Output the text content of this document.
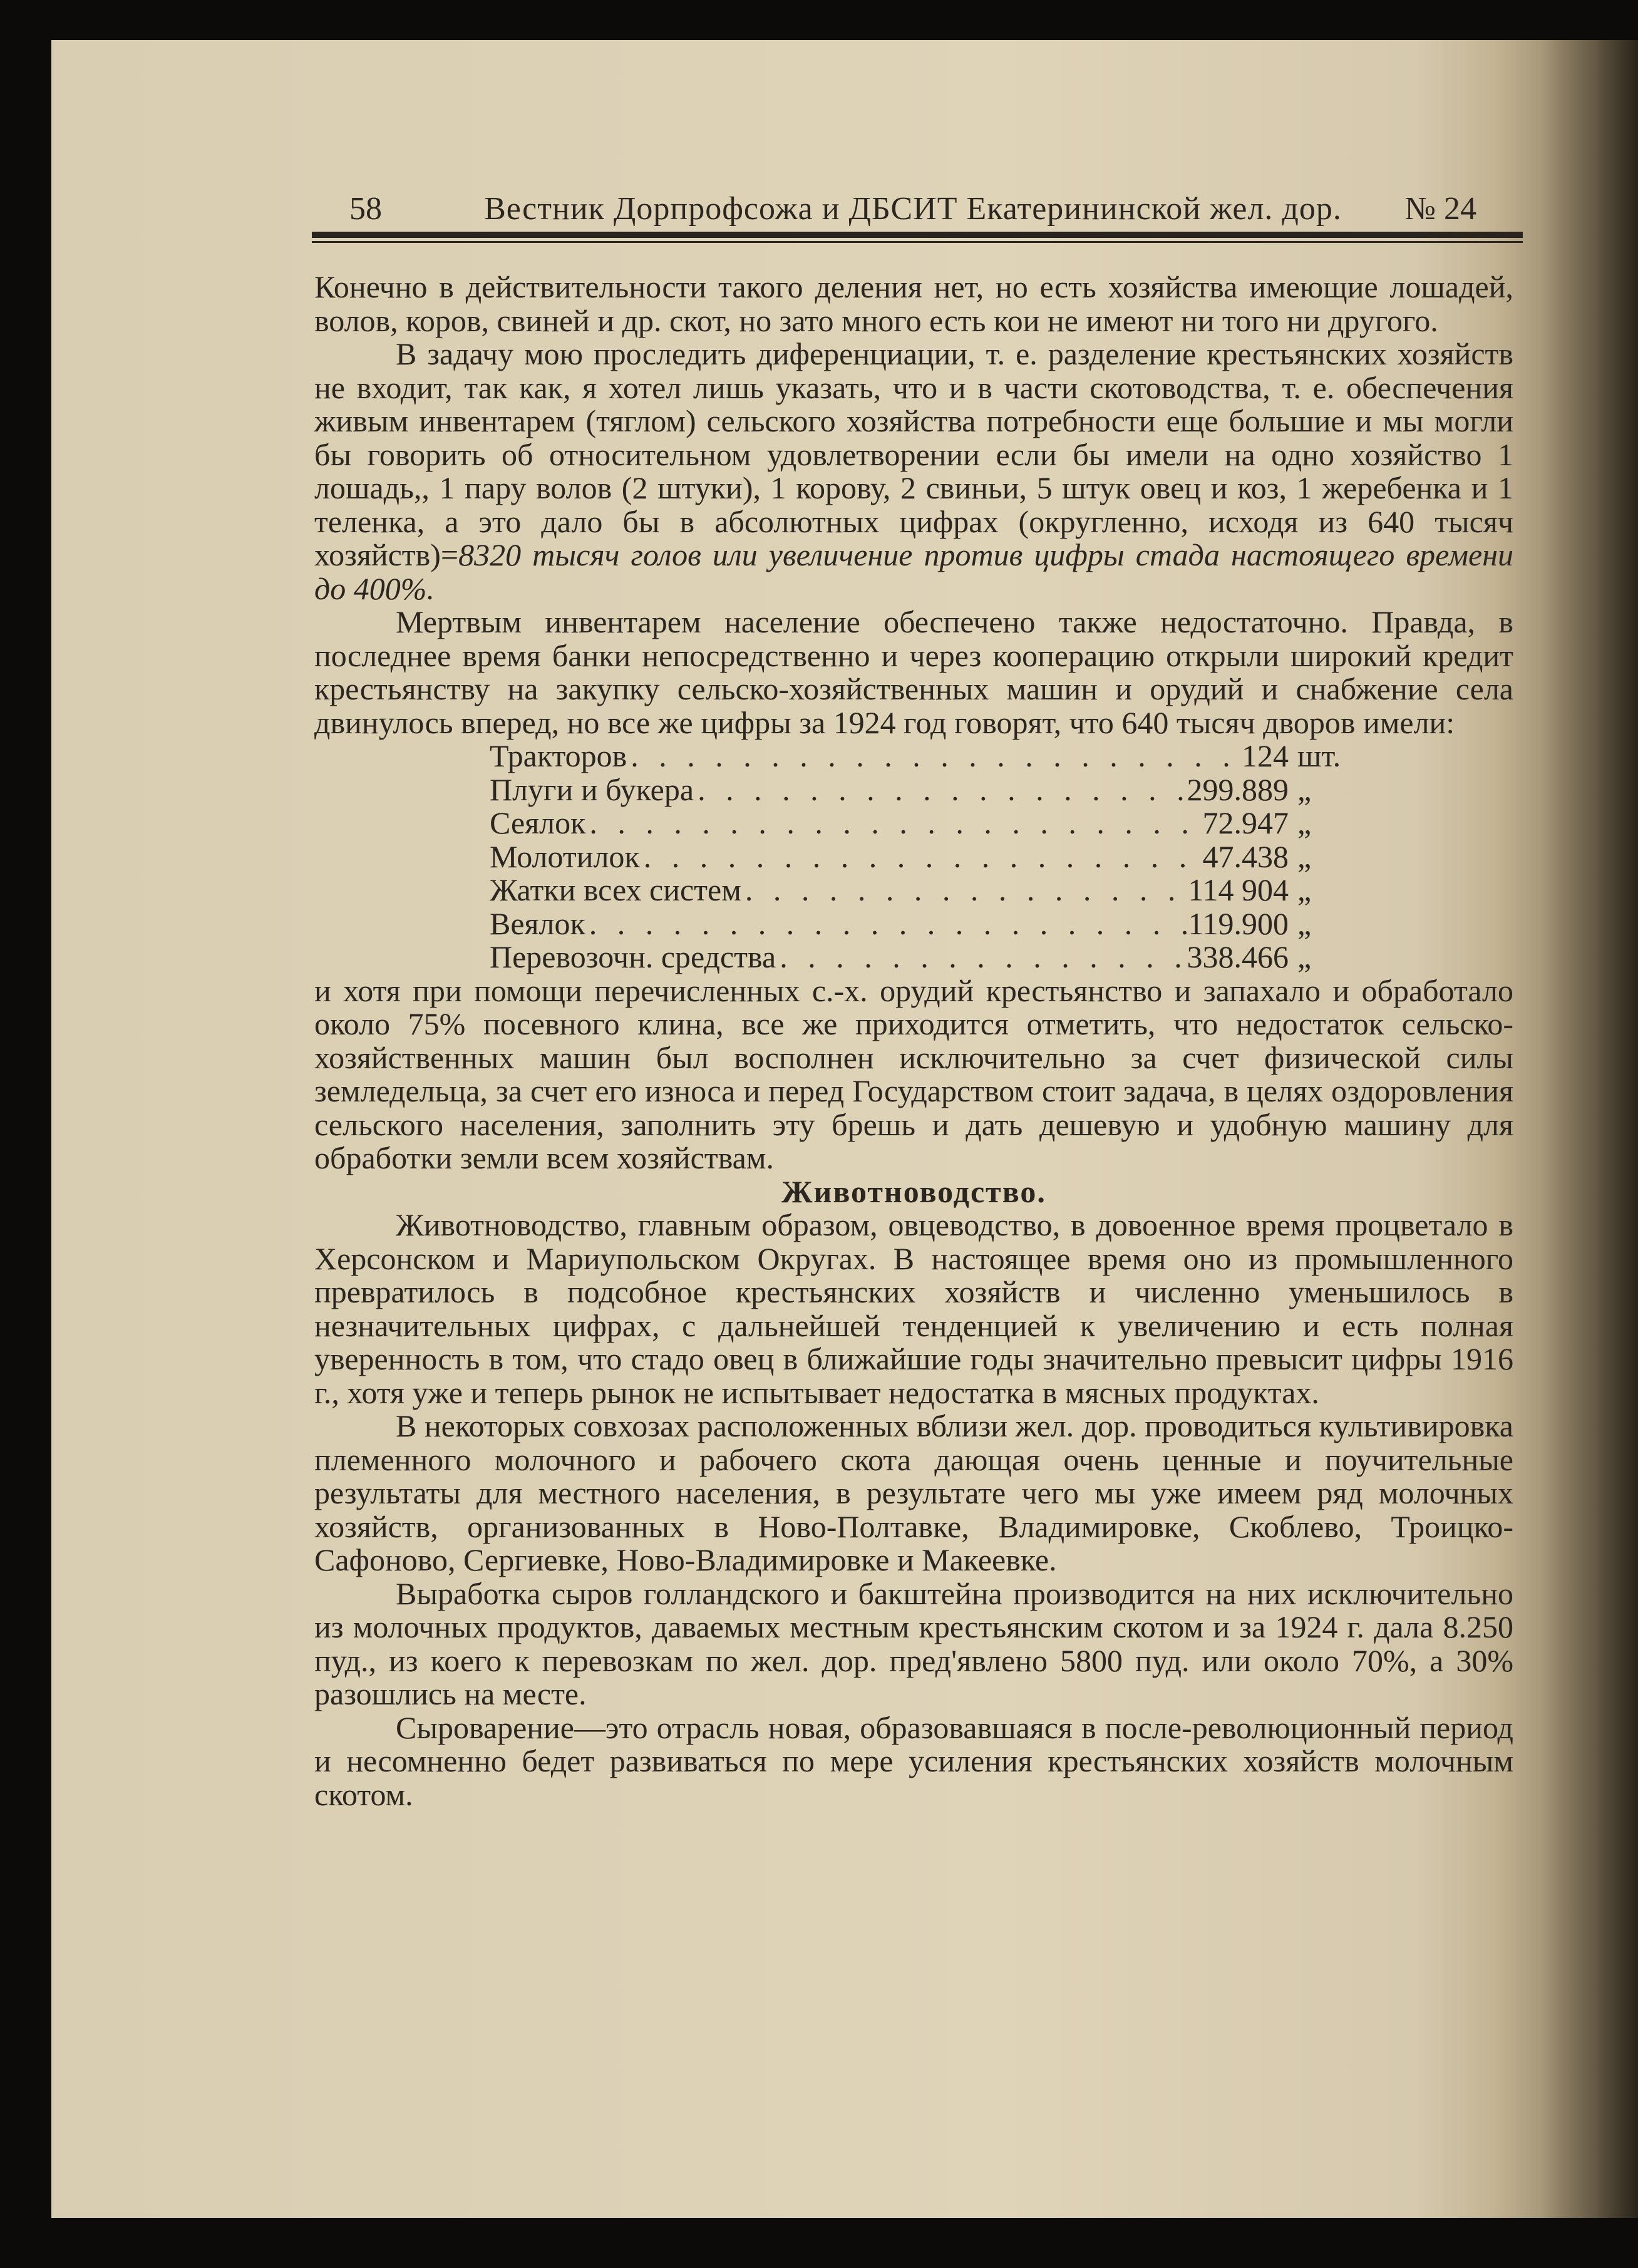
58	Вестник Дорпрофсожа и ДБСИТ Екатерининской жел. дор.	№ 24

Конечно в действительности такого деления нет, но есть хозяйства имеющие лошадей, волов, коров, свиней и др. скот, но зато много есть кои не имеют ни того ни другого.

В задачу мою проследить диференциации, т. е. разделение крестьянских хозяйств не входит, так как, я хотел лишь указать, что и в части скотоводства, т. е. обеспечения живым инвентарем (тяглом) сельского хозяйства потребности еще большие и мы могли бы говорить об относительном удовлетворении если бы имели на одно хозяйство 1 лошадь,, 1 пару волов (2 штуки), 1 корову, 2 свиньи, 5 штук овец и коз, 1 жеребенка и 1 теленка, а это дало бы в абсолютных цифрах (округленно, исходя из 640 тысяч хозяйств)=8320 тысяч голов или увеличение против цифры стада настоящего времени до 400%.

Мертвым инвентарем население обеспечено также недостаточно. Правда, в последнее время банки непосредственно и через кооперацию открыли широкий кредит крестьянству на закупку сельско-хозяйственных машин и орудий и снабжение села двинулось вперед, но все же цифры за 1924 год говорят, что 640 тысяч дворов имели:

Тракторов . . .	124 шт.
Плуги и букера . . .	299.889 „
Сеялок . . .	72.947 „
Молотилок . . .	47.438 „
Жатки всех систем . . .	114 904 „
Веялок . . .	119.900 „
Перевозочн. средства . . .	338.466 „

и хотя при помощи перечисленных с.-х. орудий крестьянство и запахало и обработало около 75% посевного клина, все же приходится отметить, что недостаток сельско-хозяйственных машин был восполнен исключительно за счет физической силы земледельца, за счет его износа и перед Государством стоит задача, в целях оздоровления сельского населения, заполнить эту брешь и дать дешевую и удобную машину для обработки земли всем хозяйствам.

Животноводство.

Животноводство, главным образом, овцеводство, в довоенное время процветало в Херсонском и Мариупольском Округах. В настоящее время оно из промышленного превратилось в подсобное крестьянских хозяйств и численно уменьшилось в незначительных цифрах, с дальнейшей тенденцией к увеличению и есть полная уверенность в том, что стадо овец в ближайшие годы значительно превысит цифры 1916 г., хотя уже и теперь рынок не испытывает недостатка в мясных продуктах.

В некоторых совхозах расположенных вблизи жел. дор. проводиться культивировка племенного молочного и рабочего скота дающая очень ценные и поучительные результаты для местного населения, в результате чего мы уже имеем ряд молочных хозяйств, организованных в Ново-Полтавке, Владимировке, Скоблево, Троицко-Сафоново, Сергиевке, Ново-Владимировке и Макеевке.

Выработка сыров голландского и бакштейна производится на них исключительно из молочных продуктов, даваемых местным крестьянским скотом и за 1924 г. дала 8.250 пуд., из коего к перевозкам по жел. дор. пред'явлено 5800 пуд. или около 70%, а 30% разошлись на месте.

Сыроварение—это отрасль новая, образовавшаяся в после-революционный период и несомненно бедет развиваться по мере усиления крестьянских хозяйств молочным скотом.
